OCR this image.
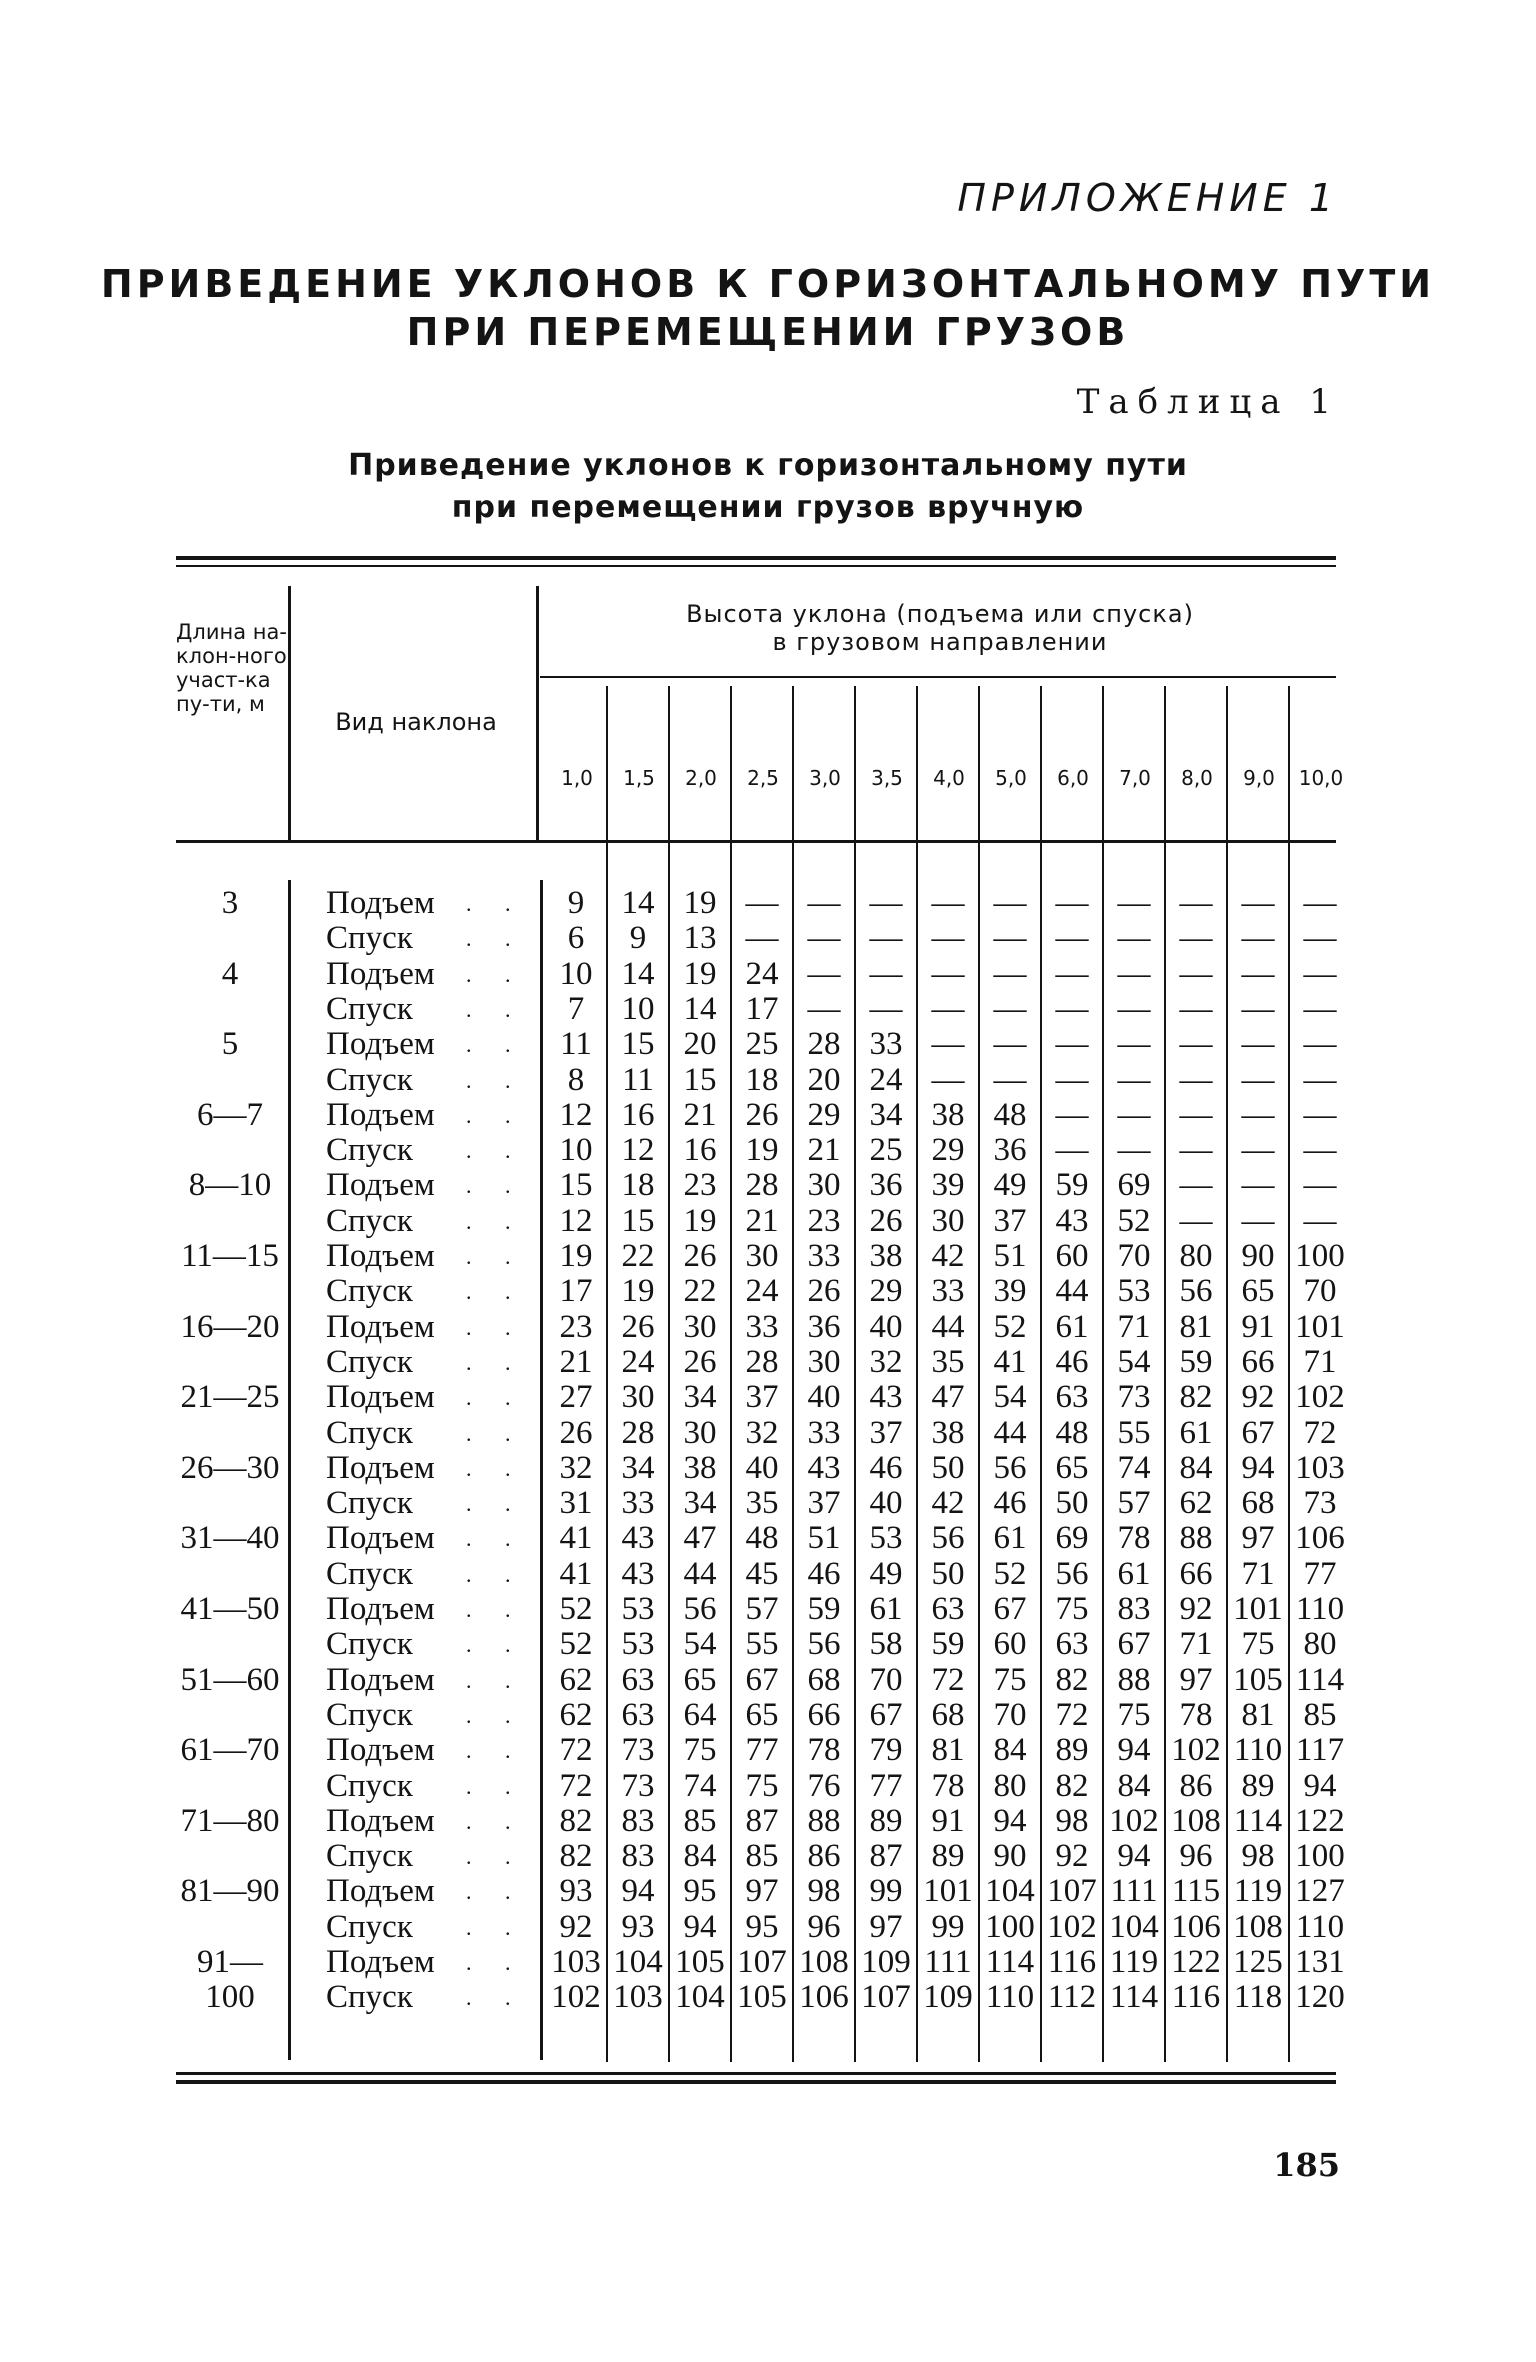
ПРИЛОЖЕНИЕ 1
ПРИВЕДЕНИЕ УКЛОНОВ К ГОРИЗОНТАЛЬНОМУ ПУТИ
ПРИ ПЕРЕМЕЩЕНИИ ГРУЗОВ
Таблица 1
Приведение уклонов к горизонтальному пути
при перемещении грузов вручную
Длина на-клон-ного участ-ка пу-ти, м
Вид наклона
Высота уклона (подъема или спуска)
в грузовом направлении
1,0	1,5	2,0	2,5	3,0	3,5	4,0	5,0	6,0	7,0	8,0	9,0	10,0
3	Подъем	. .	9	14 19 — — — — — — — — — —
Спуск	. .	6	9	13 — — — — — — — — — —
4	Подъем	. .	10 14 19 24 — — — — — — — — —
Спуск	. .	7	10 14 17 — — — — — — — — —
5	Подъем	. .	11 15 20 25 28 33 — — — — — — —
Спуск	. .	8	11 15 18 20 24 — — — — — — —
6—7	Подъем	. .	12 16 21 26 29 34 38 48 — — — — —
Спуск	. .	10 12 16 19 21 25 29 36 — — — — —
8—10	Подъем	. .	15 18 23 28 30 36 39 49 59 69 — — —
Спуск	. .	12 15 19 21 23 26 30 37 43 52 — — —
11—15	Подъем	. .	19 22 26 30 33 38 42 51 60 70 80 90 100
Спуск	. .	17 19 22 24 26 29 33 39 44 53 56 65 70
16—20	Подъем	. .	23 26 30 33 36 40 44 52 61 71 81 91 101
Спуск	. .	21 24 26 28 30 32 35 41 46 54 59 66 71
21—25	Подъем	. .	27 30 34 37 40 43 47 54 63 73 82 92 102
Спуск	. .	26 28 30 32 33 37 38 44 48 55 61 67 72
26—30	Подъем	. .	32 34 38 40 43 46 50 56 65 74 84 94 103
Спуск	. .	31 33 34 35 37 40 42 46 50 57 62 68 73
31—40	Подъем	. .	41 43 47 48 51 53 56 61 69 78 88 97 106
Спуск	. .	41 43 44 45 46 49 50 52 56 61 66 71 77
41—50	Подъем	. .	52 53 56 57 59 61 63 67 75 83 92 101 110
Спуск	. .	52 53 54 55 56 58 59 60 63 67 71 75 80
51—60	Подъем	. .	62 63 65 67 68 70 72 75 82 88 97 105 114
Спуск	. .	62 63 64 65 66 67 68 70 72 75 78 81 85
61—70	Подъем	. .	72 73 75 77 78 79 81 84 89 94 102 110 117
Спуск	. .	72 73 74 75 76 77 78 80 82 84 86 89 94
71—80	Подъем	. .	82 83 85 87 88 89 91 94 98 102 108 114 122
Спуск	. .	82 83 84 85 86 87 89 90 92 94 96 98 100
81—90	Подъем	. .	93 94 95 97 98 99 101 104 107 111 115 119 127
Спуск	. .	92 93 94 95 96 97 99 100 102 104 106 108 110
91—	Подъем	. . 103 104 105 107 108 109 111 114 116 119 122 125 131
100	Спуск	. . 102 103 104 105 106 107 109 110 112 114 116 118 120
185
